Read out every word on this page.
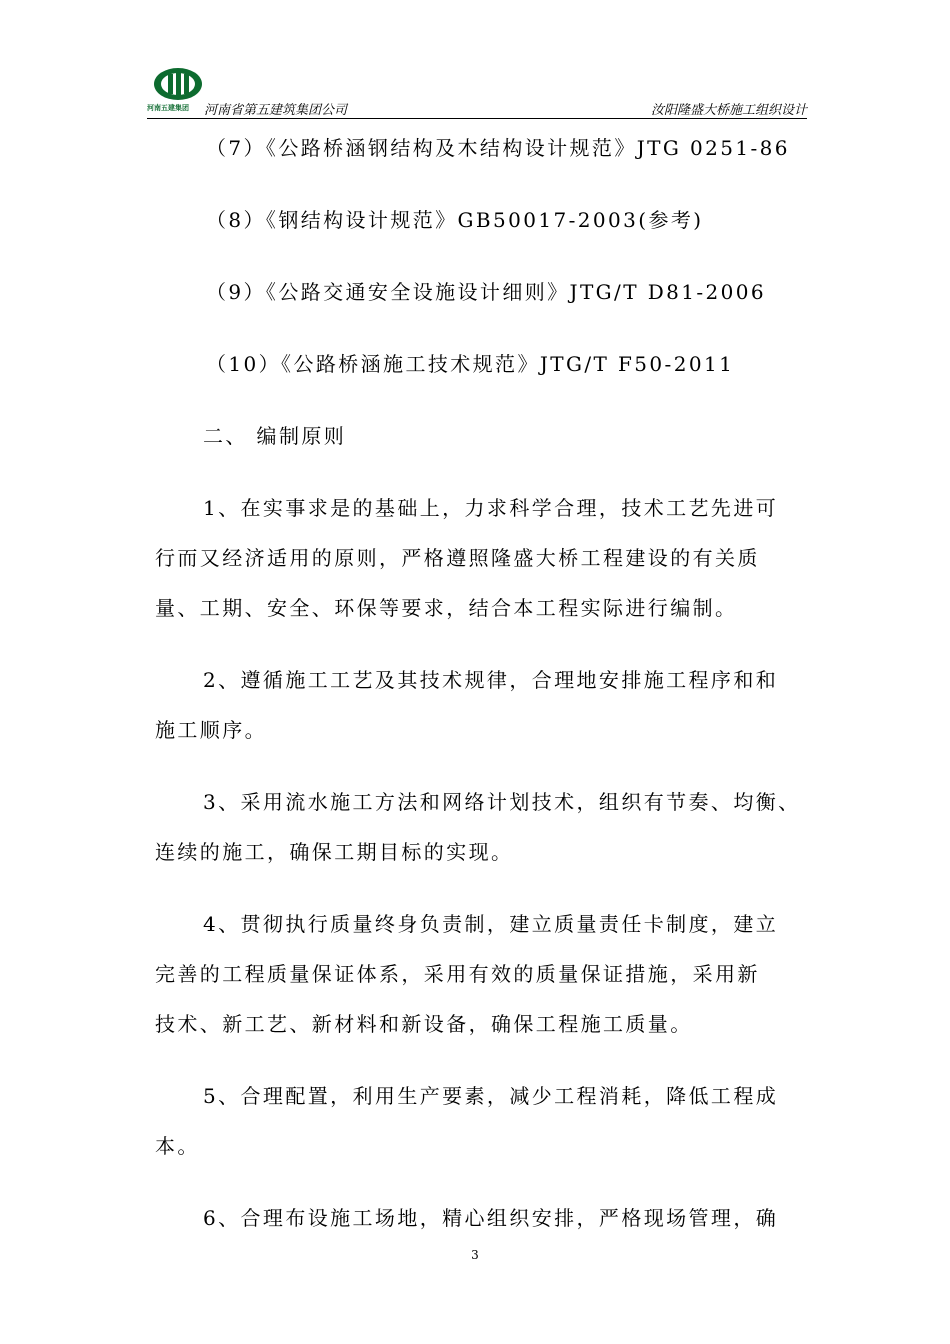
河南五建集团 河南省第五建筑集团公司	汝阳隆盛大桥施工组织设计
（7）《公路桥涵钢结构及木结构设计规范》JTG 0251-86
（8）《钢结构设计规范》GB50017-2003(参考)
（9）《公路交通安全设施设计细则》JTG/T D81-2006
（10）《公路桥涵施工技术规范》JTG/T F50-2011
二、 编制原则
1、在实事求是的基础上，力求科学合理，技术工艺先进可
行而又经济适用的原则，严格遵照隆盛大桥工程建设的有关质
量、工期、安全、环保等要求，结合本工程实际进行编制。
2、遵循施工工艺及其技术规律，合理地安排施工程序和和
施工顺序。
3、采用流水施工方法和网络计划技术，组织有节奏、均衡、
连续的施工，确保工期目标的实现。
4、贯彻执行质量终身负责制，建立质量责任卡制度，建立
完善的工程质量保证体系，采用有效的质量保证措施，采用新
技术、新工艺、新材料和新设备，确保工程施工质量。
5、合理配置，利用生产要素，减少工程消耗，降低工程成
本。
6、合理布设施工场地，精心组织安排，严格现场管理，确
3
